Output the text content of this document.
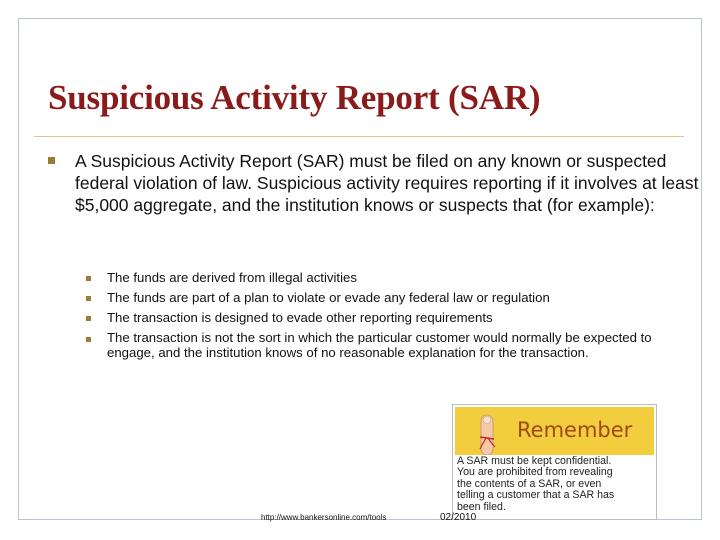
Suspicious Activity Report (SAR)
A Suspicious Activity Report (SAR) must be filed on any known or suspected federal violation of law. Suspicious activity requires reporting if it involves at least $5,000 aggregate, and the institution knows or suspects that (for example):
The funds are derived from illegal activities
The funds are part of a plan to violate or evade any federal law or regulation
The transaction is designed to evade other reporting requirements
The transaction is not the sort in which the particular customer would normally be expected to engage, and the institution knows of no reasonable explanation for the transaction.
Remember
A SAR must be kept confidential.
You are prohibited from revealing
the contents of a SAR, or even
telling a customer that a SAR has
been filed.
http://www.bankersonline.com/tools	02/2010
